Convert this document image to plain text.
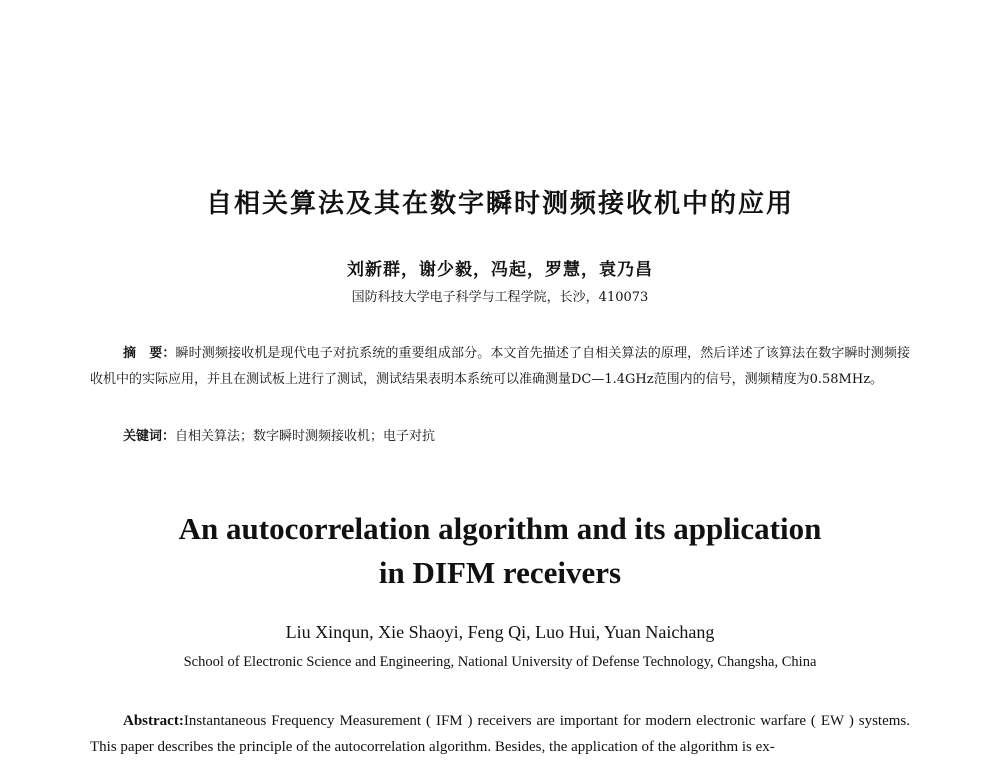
自相关算法及其在数字瞬时测频接收机中的应用
刘新群，谢少毅，冯起，罗慧，袁乃昌
国防科技大学电子科学与工程学院，长沙，410073
摘　要：瞬时测频接收机是现代电子对抗系统的重要组成部分。本文首先描述了自相关算法的原理，然后详述了该算法在数字瞬时测频接收机中的实际应用，并且在测试板上进行了测试，测试结果表明本系统可以准确测量DC—1.4GHz范围内的信号，测频精度为0.58MHz。
关键词：自相关算法；数字瞬时测频接收机；电子对抗
An autocorrelation algorithm and its application
in DIFM receivers
Liu Xinqun, Xie Shaoyi, Feng Qi, Luo Hui, Yuan Naichang
School of Electronic Science and Engineering, National University of Defense Technology, Changsha, China
Abstract:Instantaneous Frequency Measurement ( IFM ) receivers are important for modern electronic warfare ( EW ) systems. This paper describes the principle of the autocorrelation algorithm. Besides, the application of the algorithm is ex-
